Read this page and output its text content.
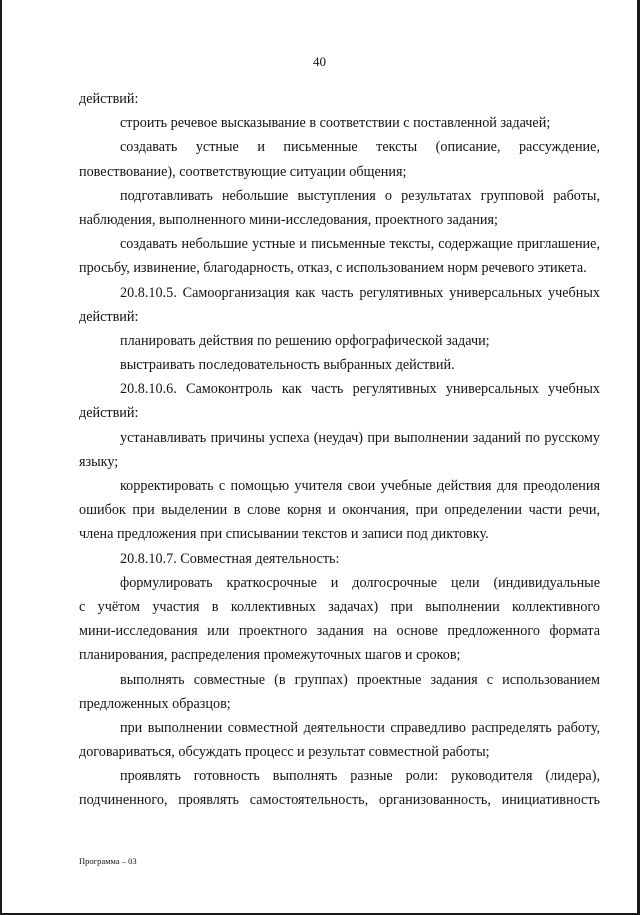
40
действий:
строить речевое высказывание в соответствии с поставленной задачей;
создавать устные и письменные тексты (описание, рассуждение,
повествование), соответствующие ситуации общения;
подготавливать небольшие выступления о результатах групповой работы,
наблюдения, выполненного мини-исследования, проектного задания;
создавать небольшие устные и письменные тексты, содержащие приглашение,
просьбу, извинение, благодарность, отказ, с использованием норм речевого этикета.
20.8.10.5. Самоорганизация как часть регулятивных универсальных учебных
действий:
планировать действия по решению орфографической задачи;
выстраивать последовательность выбранных действий.
20.8.10.6. Самоконтроль как часть регулятивных универсальных учебных
действий:
устанавливать причины успеха (неудач) при выполнении заданий по русскому
языку;
корректировать с помощью учителя свои учебные действия для преодоления
ошибок при выделении в слове корня и окончания, при определении части речи,
члена предложения при списывании текстов и записи под диктовку.
20.8.10.7. Совместная деятельность:
формулировать краткосрочные и долгосрочные цели (индивидуальные
с учётом участия в коллективных задачах) при выполнении коллективного
мини-исследования или проектного задания на основе предложенного формата
планирования, распределения промежуточных шагов и сроков;
выполнять совместные (в группах) проектные задания с использованием
предложенных образцов;
при выполнении совместной деятельности справедливо распределять работу,
договариваться, обсуждать процесс и результат совместной работы;
проявлять готовность выполнять разные роли: руководителя (лидера),
подчиненного, проявлять самостоятельность, организованность, инициативность
Программа – 03
